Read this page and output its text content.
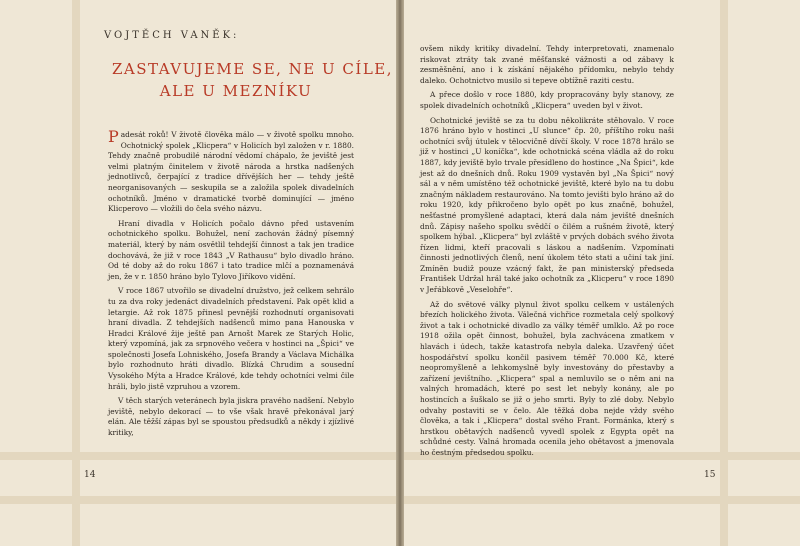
VOJTĚCH VANĚK:
ZASTAVUJEME SE, NE U CÍLE,
ALE U MEZNÍKU

Padesát roků! V životě člověka málo — v životě spolku mnoho. Ochotnický spolek „Klicpera“ v Holicích byl založen v r. 1880. Tehdy značně probudilé národní vědomí chápalo, že jeviště jest velmi platným činitelem v životě národa a hrstka nadšených jednotlivců, čerpající z tradice dřívějších her — tehdy ještě neorganisovaných — seskupila se a založila spolek divadelních ochotníků. Jméno v dramatické tvorbě dominující — jméno Klicperovo — vložili do čela svého názvu.

Hraní divadla v Holicích počalo dávno před ustavením ochotnického spolku. Bohužel, není zachován žádný písemný materiál, který by nám osvětlil tehdejší činnost a tak jen tradice dochovává, že již v roce 1843 „V Rathausu“ bylo divadlo hráno. Od té doby až do roku 1867 i tato tradice mlčí a poznamenává jen, že v r. 1850 hráno bylo Tylovo Jiříkovo vidění.

V roce 1867 utvořilo se divadelní družstvo, jež celkem sehrálo tu za dva roky jedenáct divadelních představení. Pak opět klid a letargie. Až rok 1875 přinesl pevnější rozhodnutí organisovati hraní divadla. Z tehdejších nadšenců mimo pana Hanouska v Hradci Králové žije ještě pan Arnošt Marek ze Starých Holic, který vzpomíná, jak za srpnového večera v hostinci na „Špici“ ve společnosti Josefa Lohniského, Josefa Brandy a Václava Michálka bylo rozhodnuto hráti divadlo. Blízká Chrudim a sousední Vysokého Mýta a Hradce Králové, kde tehdy ochotníci velmi čile hráli, bylo jistě vzpruhou a vzorem.

V těch starých veteránech byla jiskra pravého nadšení. Nebylo jeviště, nebylo dekorací — to vše však hravě překonával jarý elán. Ale těžší zápas byl se spoustou předsudků a někdy i zjízlivé kritiky,

14

ovšem nikdy kritiky divadelní. Tehdy interpretovati, znamenalo riskovat ztráty tak zvané měšťanské vážnosti a od zábavy k zesměšnění, ano i k získání nějakého přídomku, nebylo tehdy daleko. Ochotnictvo musilo si tepeve obtížně raziti cestu.

A přece došlo v roce 1880, kdy propracovány byly stanovy, ze spolek divadelních ochotníků „Klicpera“ uveden byl v život.

Ochotnické jeviště se za tu dobu několikráte stěhovalo. V roce 1876 hráno bylo v hostinci „U slunce“ čp. 20, příštího roku naši ochotníci svůj útulek v tělocvičně dívčí školy. V roce 1878 hrálo se již v hostinci „U koníčka“, kde ochotnická scéna vládla až do roku 1887, kdy jeviště bylo trvale přesídleno do hostince „Na Špici“, kde jest až do dnešních dnů. Roku 1909 vystavěn byl „Na Špici“ nový sál a v něm umístěno též ochotnické jeviště, které bylo na tu dobu značným nákladem restaurováno. Na tomto jevišti bylo hráno až do roku 1920, kdy přikročeno bylo opět po kus značně, bohužel, nešťastné promyšlené adaptaci, která dala nám jeviště dnešních dnů. Zápisy našeho spolku svědčí o čilém a rušném životě, který spolkem hýbal. „Klicpera“ byl zvláště v prvých dobách svého života řízen lidmi, kteří pracovali s láskou a nadšením. Vzpomínati činnosti jednotlivých členů, není úkolem této stati a učiní tak jiní. Zmíněn budiž pouze vzácný fakt, že pan ministerský předseda František Udržal hrál také jako ochotník za „Klicperu“ v roce 1890 v Jeřábkově „Veselohře“.

Až do světové války plynul život spolku celkem v ustálených březích holického života. Válečná vichřice rozmetala celý spolkový život a tak i ochotnické divadlo za války téměř umlklo. Až po roce 1918 ožila opět činnost, bohužel, byla zachvácena zmatkem v hlavách i údech, takže katastrofa nebyla daleka. Uzavřený účet hospodářství spolku končil pasivem téměř 70.000 Kč, které neopromyšleně a lehkomyslně byly investovány do přestavby a zařízení jevištního. „Klicpera“ spal a nemluvilo se o něm ani na valných hromadách, které po sest let nebyly konány, ale po hostincích a šuškalo se již o jeho smrti. Byly to zlé doby. Nebylo odvahy postaviti se v čelo. Ale těžká doba nejde vždy svého člověka, a tak i „Klicpera“ dostal svého Frant. Formánka, který s hrstkou obětavých nadšenců vyvedl spolek z Egypta opět na schůdné cesty. Valná hromada ocenila jeho obětavost a jmenovala ho čestným předsedou spolku.

15
